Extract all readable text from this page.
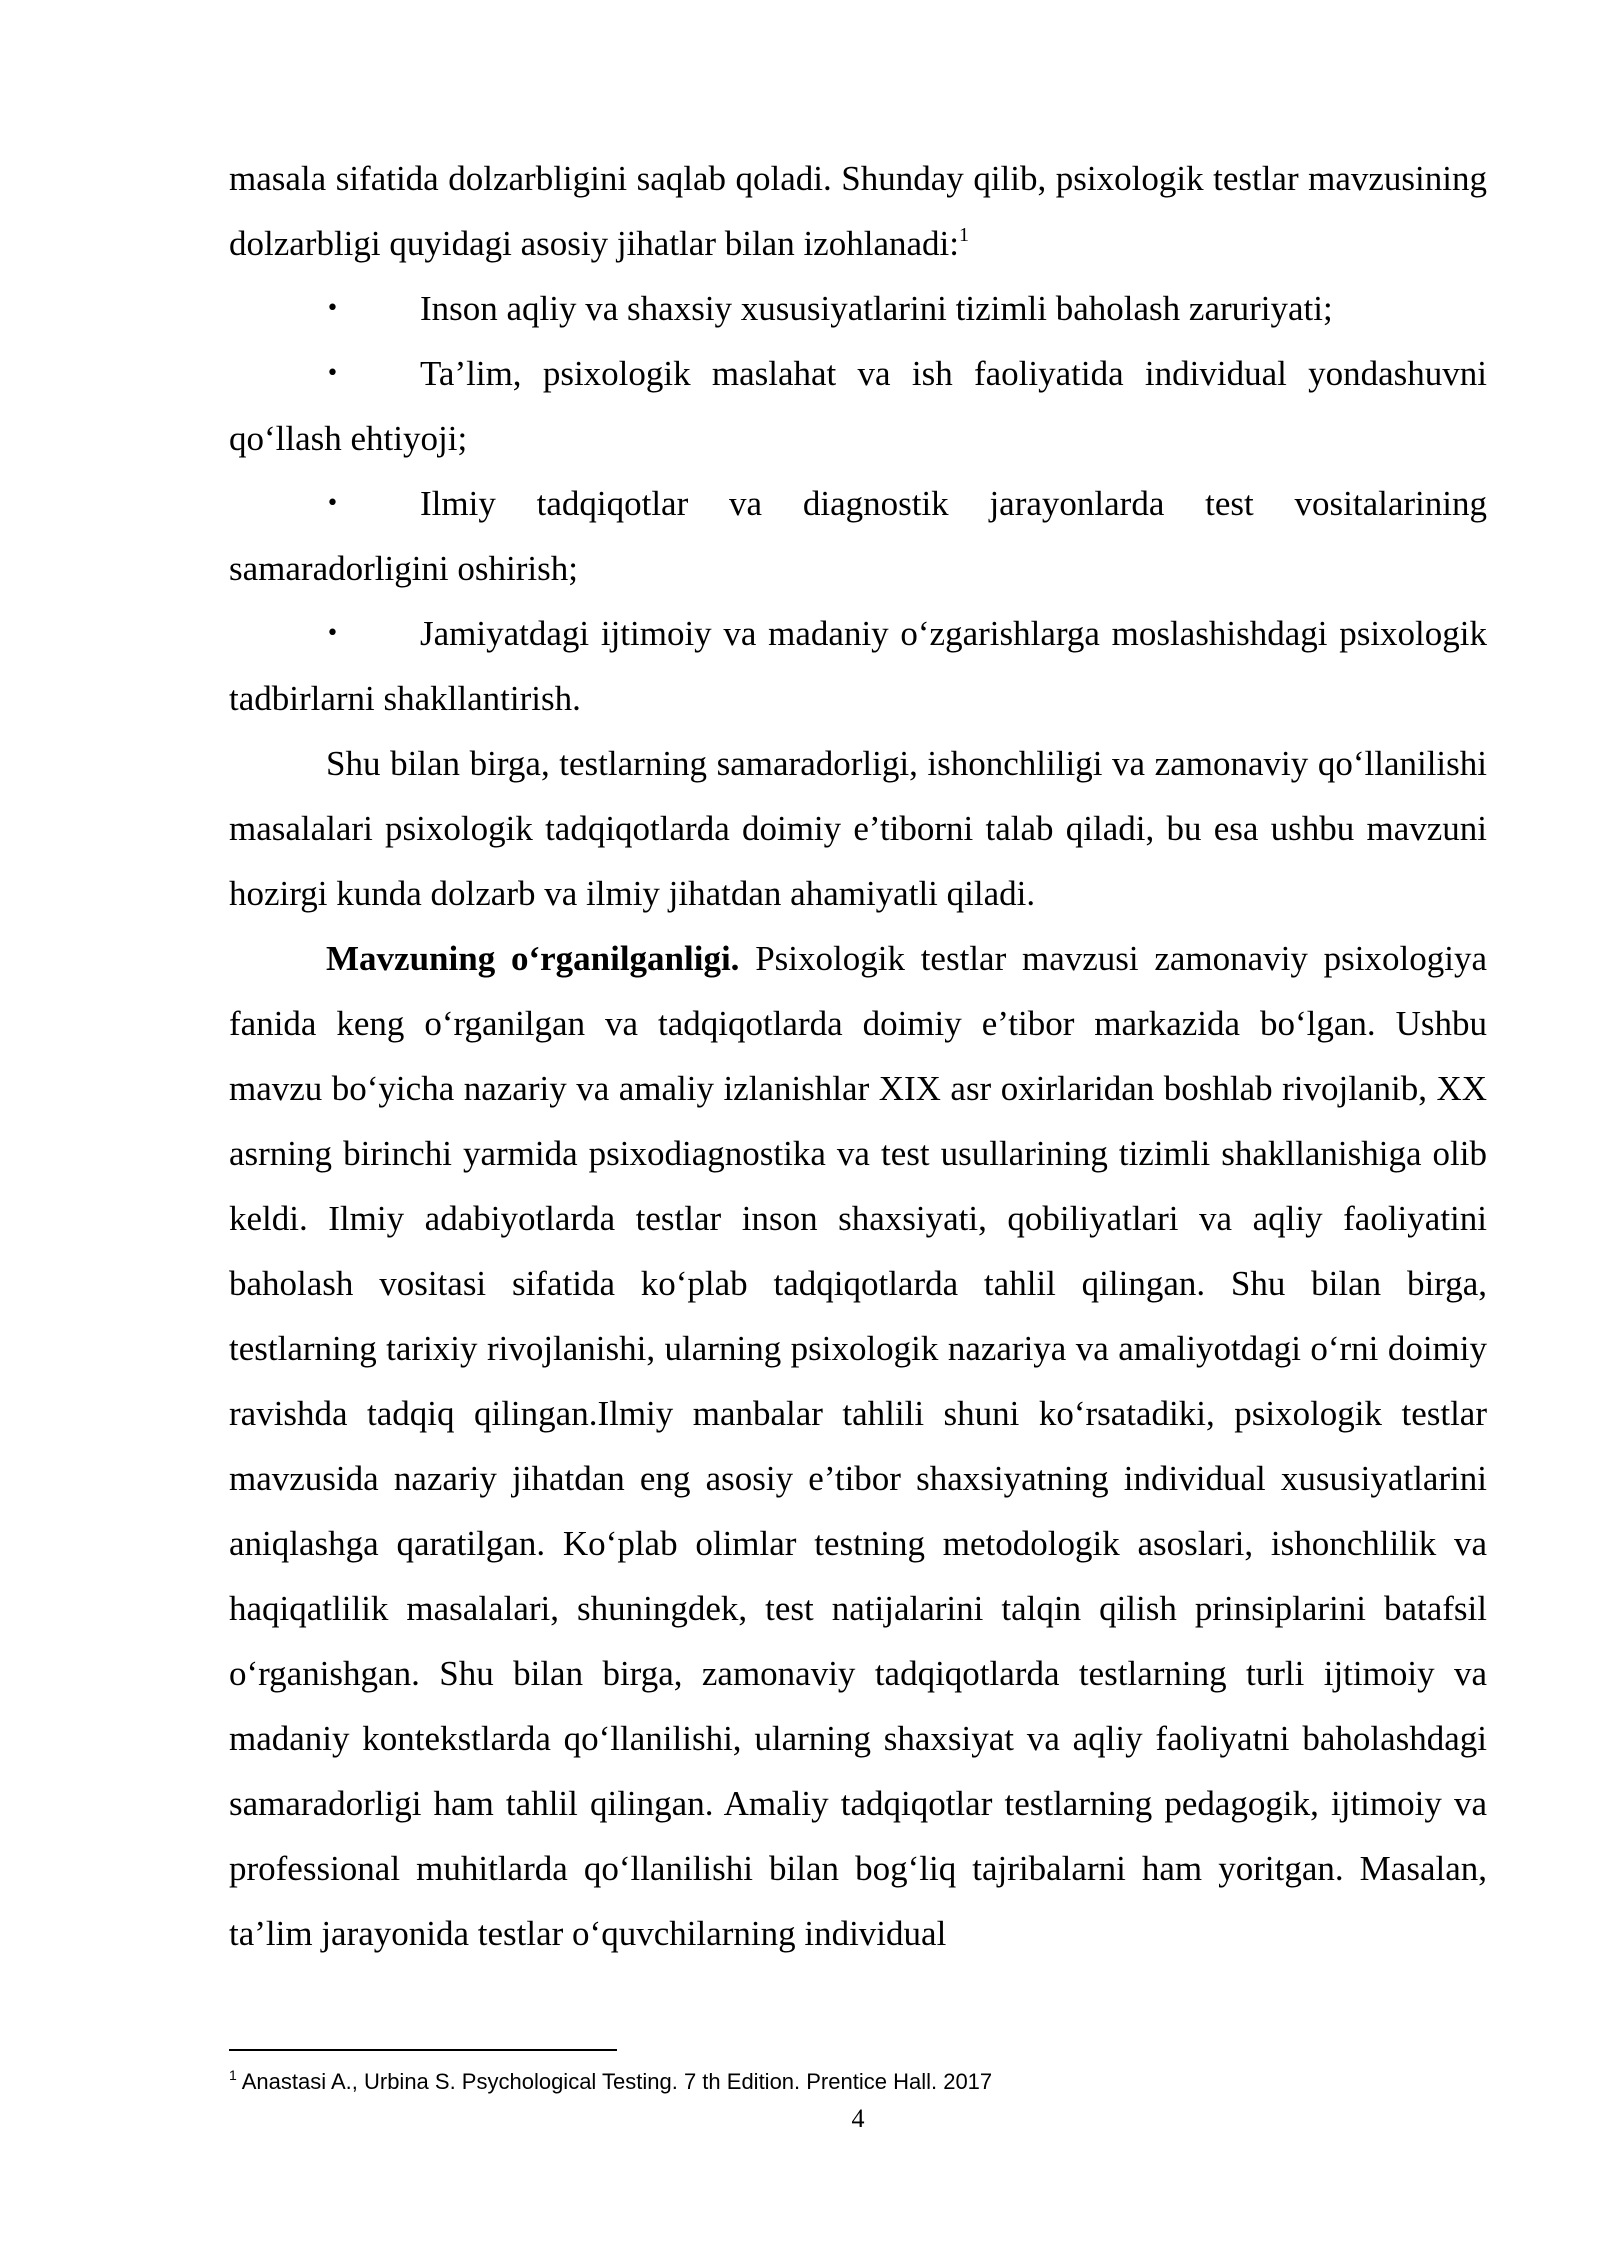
masala sifatida dolzarbligini saqlab qoladi. Shunday qilib, psixologik testlar mavzusining dolzarbligi quyidagi asosiy jihatlar bilan izohlanadi:$^1$

• Inson aqliy va shaxsiy xususiyatlarini tizimli baholash zaruriyati;

• Ta’lim, psixologik maslahat va ish faoliyatida individual yondashuvni qo‘llash ehtiyoji;

• Ilmiy tadqiqotlar va diagnostik jarayonlarda test vositalarining samaradorligini oshirish;

• Jamiyatdagi ijtimoiy va madaniy o‘zgarishlarga moslashishdagi psixologik tadbirlarni shakllantirish.

Shu bilan birga, testlarning samaradorligi, ishonchliligi va zamonaviy qo‘llanilishi masalalari psixologik tadqiqotlarda doimiy e’tiborni talab qiladi, bu esa ushbu mavzuni hozirgi kunda dolzarb va ilmiy jihatdan ahamiyatli qiladi.

Mavzuning o‘rganilganligi. Psixologik testlar mavzusi zamonaviy psixologiya fanida keng o‘rganilgan va tadqiqotlarda doimiy e’tibor markazida bo‘lgan. Ushbu mavzu bo‘yicha nazariy va amaliy izlanishlar XIX asr oxirlaridan boshlab rivojlanib, XX asrning birinchi yarmida psixodiagnostika va test usullarining tizimli shakllanishiga olib keldi. Ilmiy adabiyotlarda testlar inson shaxsiyati, qobiliyatlari va aqliy faoliyatini baholash vositasi sifatida ko‘plab tadqiqotlarda tahlil qilingan. Shu bilan birga, testlarning tarixiy rivojlanishi, ularning psixologik nazariya va amaliyotdagi o‘rni doimiy ravishda tadqiq qilingan.Ilmiy manbalar tahlili shuni ko‘rsatadiki, psixologik testlar mavzusida nazariy jihatdan eng asosiy e’tibor shaxsiyatning individual xususiyatlarini aniqlashga qaratilgan. Ko‘plab olimlar testning metodologik asoslari, ishonchlilik va haqiqatlilik masalalari, shuningdek, test natijalarini talqin qilish prinsiplarini batafsil o‘rganishgan. Shu bilan birga, zamonaviy tadqiqotlarda testlarning turli ijtimoiy va madaniy kontekstlarda qo‘llanilishi, ularning shaxsiyat va aqliy faoliyatni baholashdagi samaradorligi ham tahlil qilingan. Amaliy tadqiqotlar testlarning pedagogik, ijtimoiy va professional muhitlarda qo‘llanilishi bilan bog‘liq tajribalarni ham yoritgan. Masalan, ta’lim jarayonida testlar o‘quvchilarning individual

$^1$ Anastasi A., Urbina S. Psychological Testing. 7 th Edition. Prentice Hall. 2017
4
